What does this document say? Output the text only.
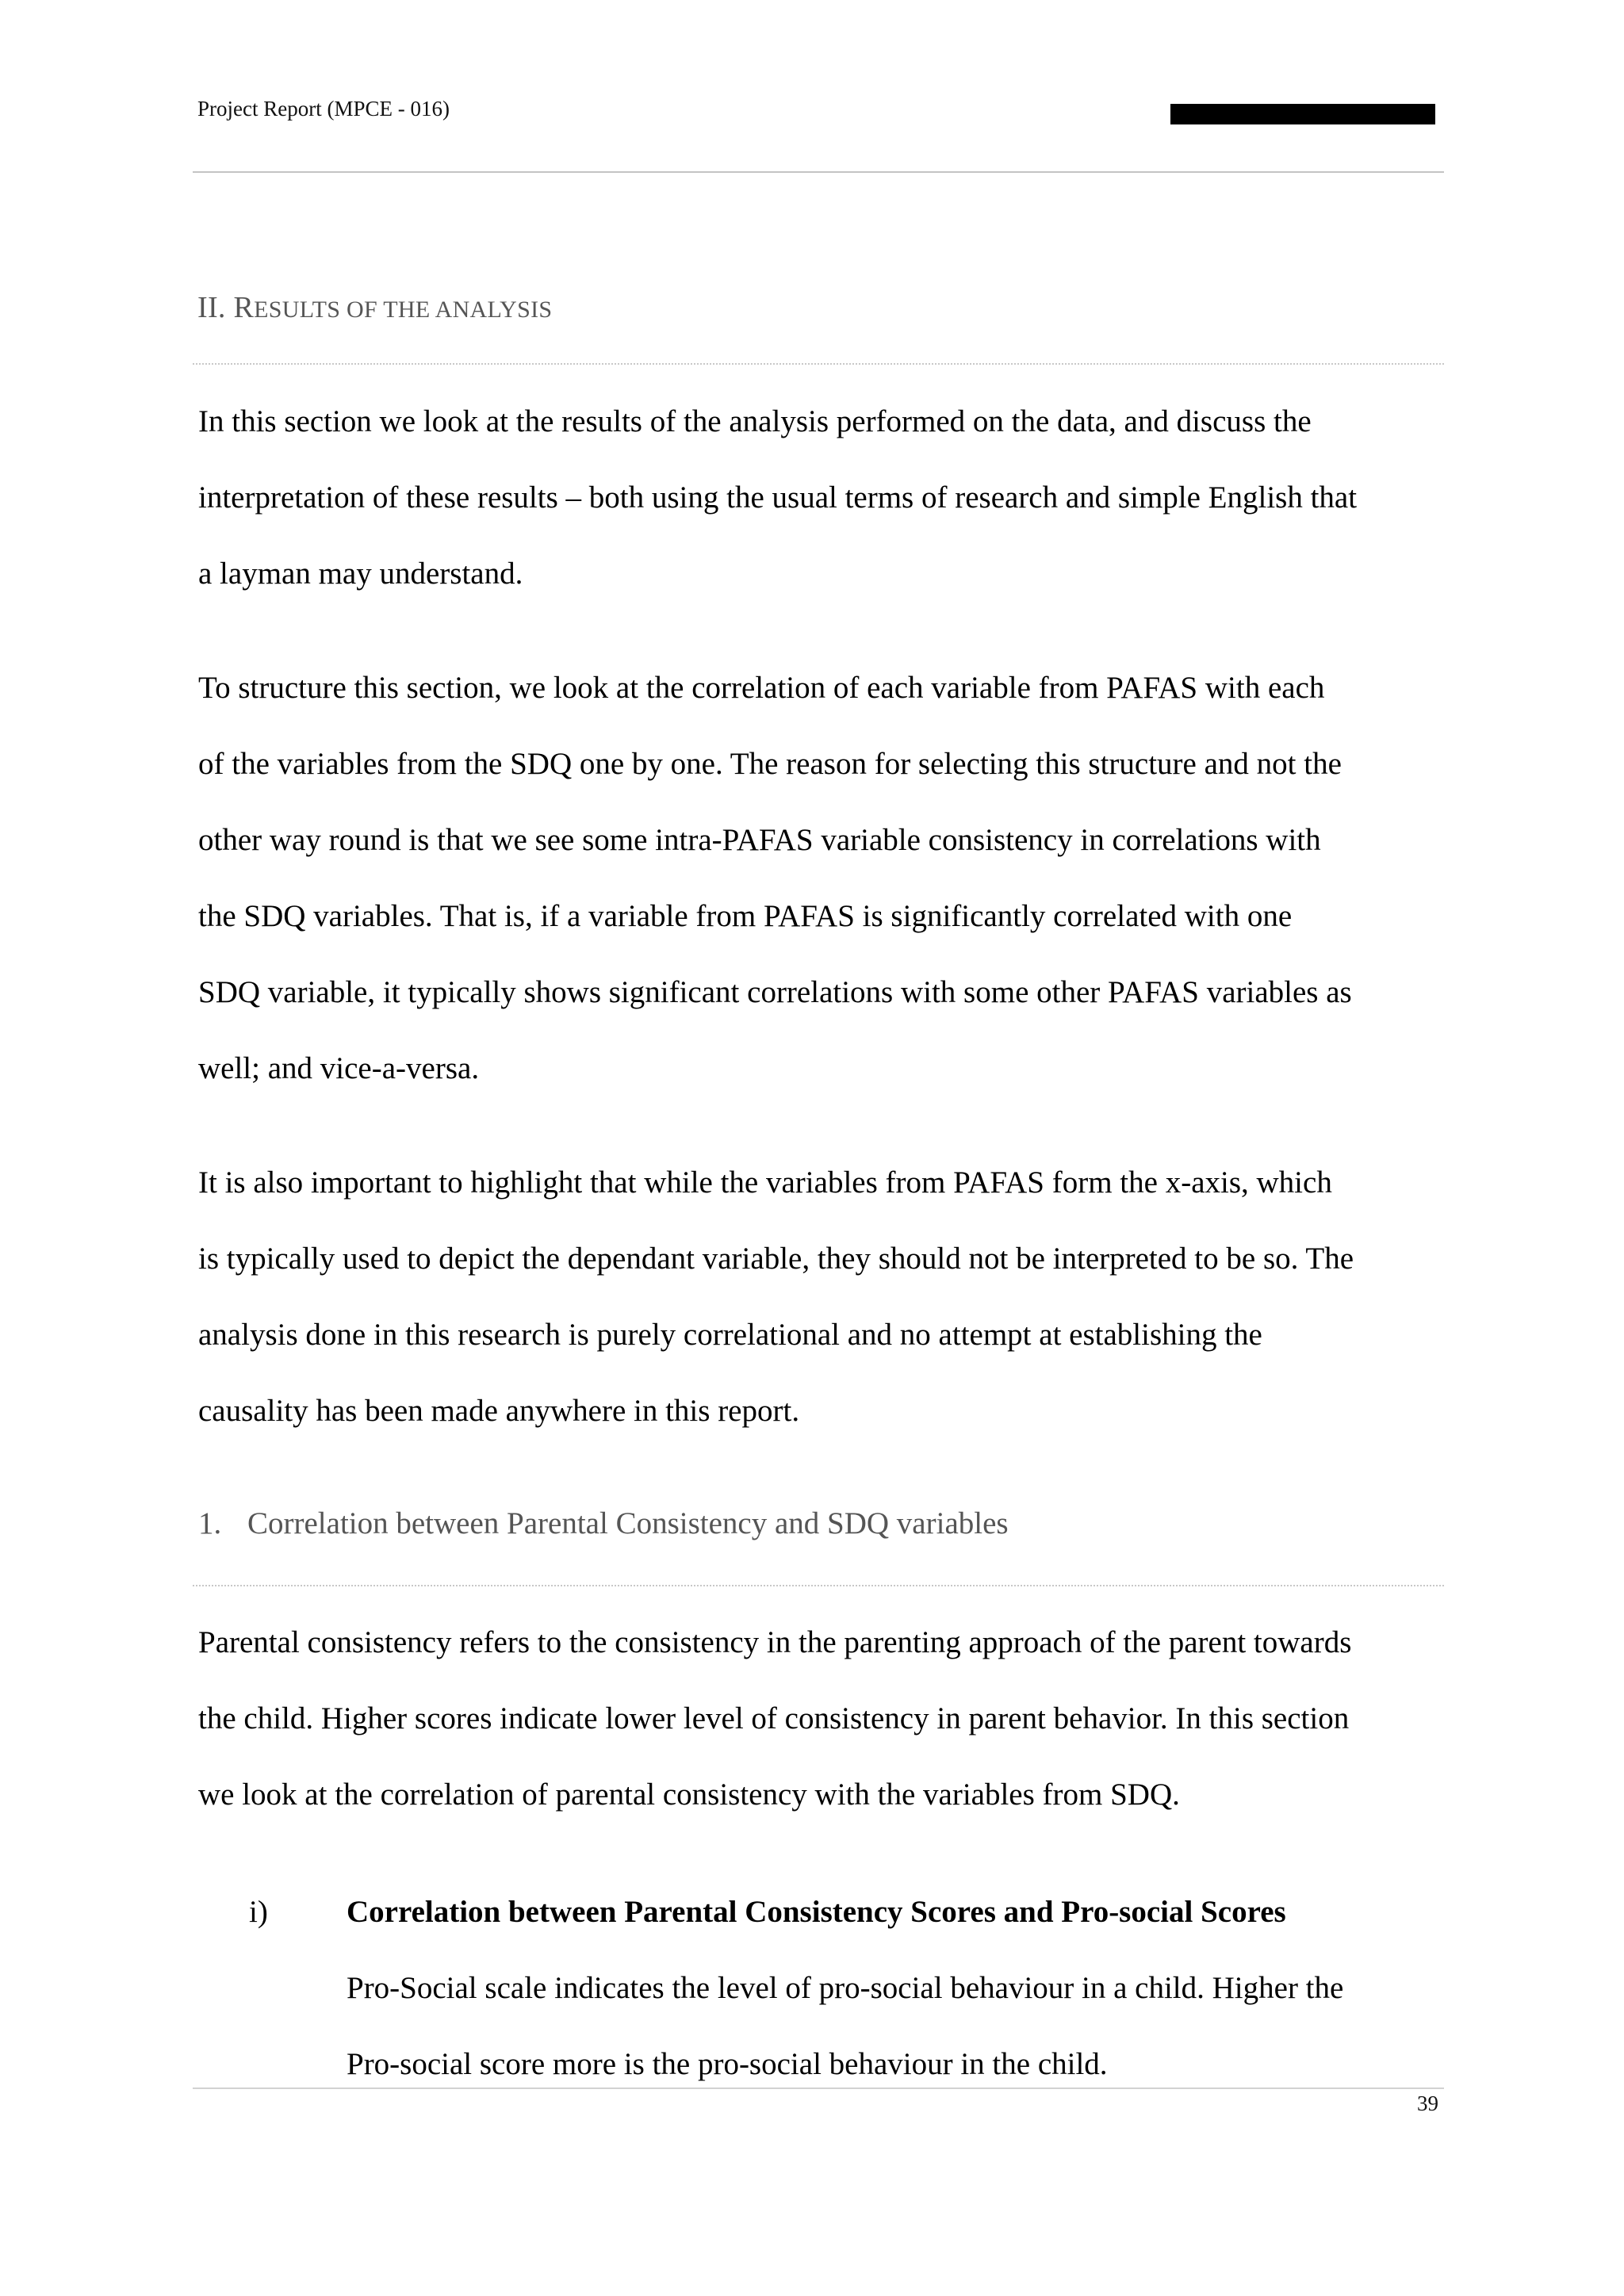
Project Report (MPCE - 016)
II. RESULTS OF THE ANALYSIS
In this section we look at the results of the analysis performed on the data, and discuss the
interpretation of these results – both using the usual terms of research and simple English that
a layman may understand.
To structure this section, we look at the correlation of each variable from PAFAS with each
of the variables from the SDQ one by one. The reason for selecting this structure and not the
other way round is that we see some intra-PAFAS variable consistency in correlations with
the SDQ variables. That is, if a variable from PAFAS is significantly correlated with one
SDQ variable, it typically shows significant correlations with some other PAFAS variables as
well; and vice-a-versa.
It is also important to highlight that while the variables from PAFAS form the x-axis, which
is typically used to depict the dependant variable, they should not be interpreted to be so. The
analysis done in this research is purely correlational and no attempt at establishing the
causality has been made anywhere in this report.
1. Correlation between Parental Consistency and SDQ variables
Parental consistency refers to the consistency in the parenting approach of the parent towards
the child. Higher scores indicate lower level of consistency in parent behavior. In this section
we look at the correlation of parental consistency with the variables from SDQ.
i)	Correlation between Parental Consistency Scores and Pro-social Scores
Pro-Social scale indicates the level of pro-social behaviour in a child. Higher the
Pro-social score more is the pro-social behaviour in the child.
39
